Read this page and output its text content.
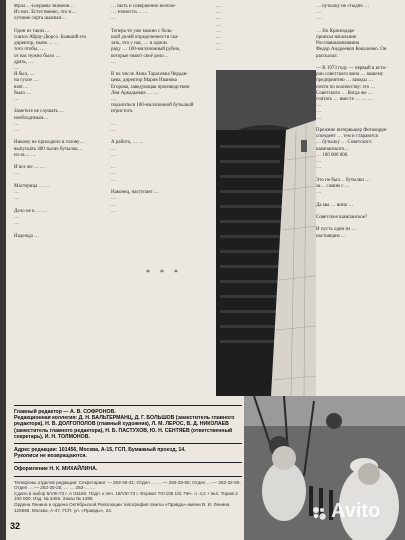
Фрол…-Бзераева знамени…
Из них. Естественно, что н…
лучшие сорта шампан…

Один из таких…
совхоз Абрау-Дюрсо. Бывший его
директор, ныне… …
того чтобы, …
от нас нужно было …
драть, …
…
Я был, …
на сухое …
взят…
былo …
…

Заметьте не слушать …
необходимым…
…
…

Никому не приходило в голову…
выпускать 400 тысяч бутылок…
из-за… …

И все же … …
…

Мастерица … …
…
…

Дело не в … …
…
…

Надежда …
… быть и совершенно необхо-
… точности… …
…

Теперь-то уже можно с боль-
шой долей определенности ска-
зать, что у нас, … в одном
ряду … 100-миллионный рубеж,
которые знают своё дело…
…

В их числе Анна Тарасовна Чердан-
цева, директор Мария Иванова
Егорова, заведующая производством
Лия Аркадьевна … …
…
поделиться 100-миллионной бутылкой
игристого.

…
…

А работа, … …
…
…

…
…
…

Наконец, наступает …
…
…
…
…
…
…
…
…
…
…
…
… бутылку не стыдно …
…
…

… Но Краснодаре
приехал начальник
Росглавшампанвина
Федор Андреевич Коваленко. Он
рассказал:

— В 1973 году — первый в исто-
рии советского вина … нашему
предприятию … заводы …
почти по количеству: это …
Советского … Когда же …
считать … вместе … … …
…
…
…

Прежние интервьюер Фотокорре-
спондент … тем и стараются
… бутылку … Советского
шампанского…
… 100 000 000.
…
…

Это не был… бутылки …
за… самим с …
…

Да мы … вина …

Советское шампанское?

И пусть один из …
настоящим …
* * *
Главный редактор — А. В. СОФРОНОВ.
Редакционная коллегия: Д. Н. БАЛЬТЕРМАНЦ, Д. Г. БОЛЬШОВ (заместитель главного редактора), Н. В. ДОЛГОПОЛОВ (главный художник), Л. М. ЛЕРОС, В. Д. НИКОЛАЕВ (заместитель главного редактора), Н. Б. ПАСТУХОВ, Ю. Н. СЕНТЯЕВ (ответственный секретарь), И. Н. ТОЛМОНОВ.
Адрес редакции: 101456, Москва, А-15, ГСП, Бумажный проезд, 14.
Рукописи не возвращаются.
Оформление Н. К. МИХАЙЛИНА.
Телефоны отделов редакции: Секретариат — 253-38-41; Отдел … … — 250-28-58; Отдел … — 253-32-85; Отдел … — 253-30-25; … … 253-… …
Сдано в набор 5/VIII-73 г. А 03150. Подп. к печ. 18/VIII-73 г. Формат 70×108 1/8. Печ. л. 4,2 + вкл. Тираж 2 100 000. Изд. № 3456. Заказ № 1488.
Ордена Ленина и ордена Октябрьской Революции типография газеты «Правда» имени В. И. Ленина. 125865, Москва, А-47, ГСП, ул. «Правды», 24.
32
Avito
